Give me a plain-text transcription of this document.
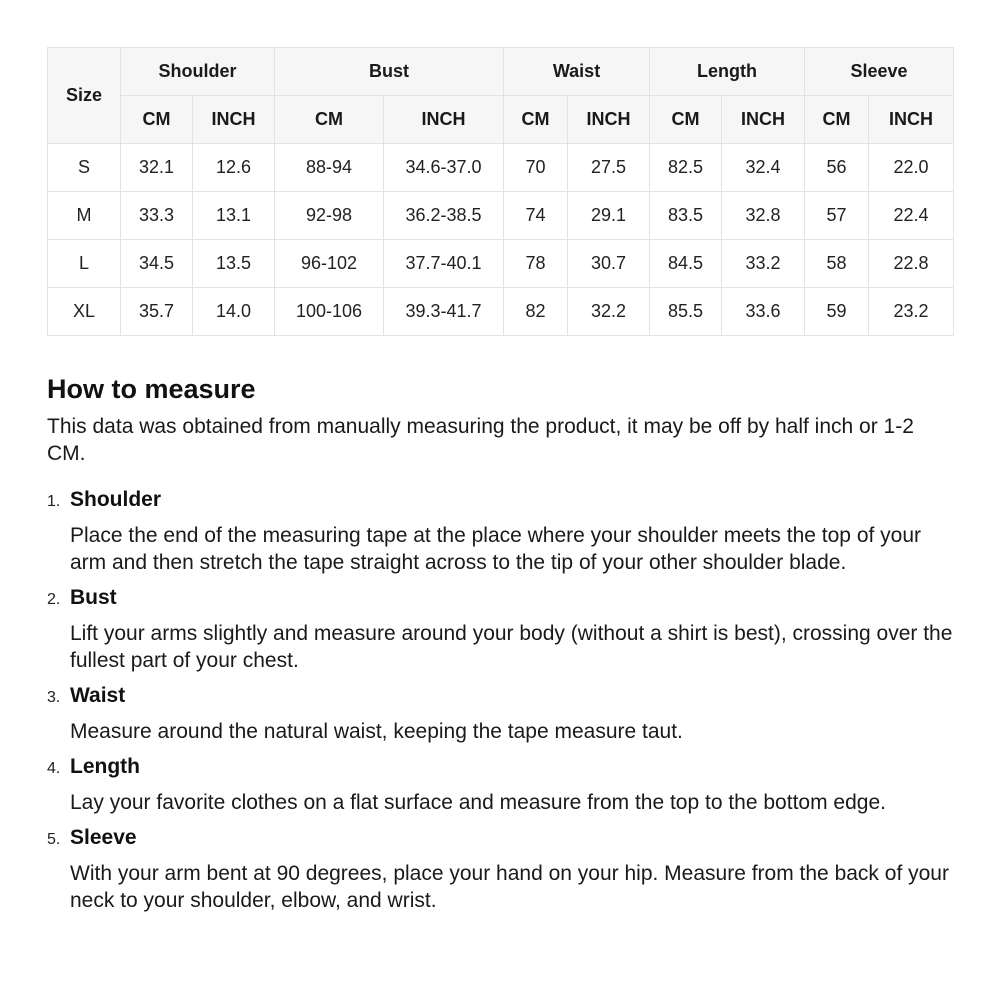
Size	Shoulder		Bust		Waist		Length		Sleeve	
	CM	INCH	CM	INCH	CM	INCH	CM	INCH	CM	INCH
S	32.1	12.6	88-94	34.6-37.0	70	27.5	82.5	32.4	56	22.0
M	33.3	13.1	92-98	36.2-38.5	74	29.1	83.5	32.8	57	22.4
L	34.5	13.5	96-102	37.7-40.1	78	30.7	84.5	33.2	58	22.8
XL	35.7	14.0	100-106	39.3-41.7	82	32.2	85.5	33.6	59	23.2
How to measure

This data was obtained from manually measuring the product, it may be off by half inch or 1-2 CM.

1. Shoulder
Place the end of the measuring tape at the place where your shoulder meets the top of your arm and then stretch the tape straight across to the tip of your other shoulder blade.
2. Bust
Lift your arms slightly and measure around your body (without a shirt is best), crossing over the fullest part of your chest.
3. Waist
Measure around the natural waist, keeping the tape measure taut.
4. Length
Lay your favorite clothes on a flat surface and measure from the top to the bottom edge.
5. Sleeve
With your arm bent at 90 degrees, place your hand on your hip. Measure from the back of your neck to your shoulder, elbow, and wrist.
